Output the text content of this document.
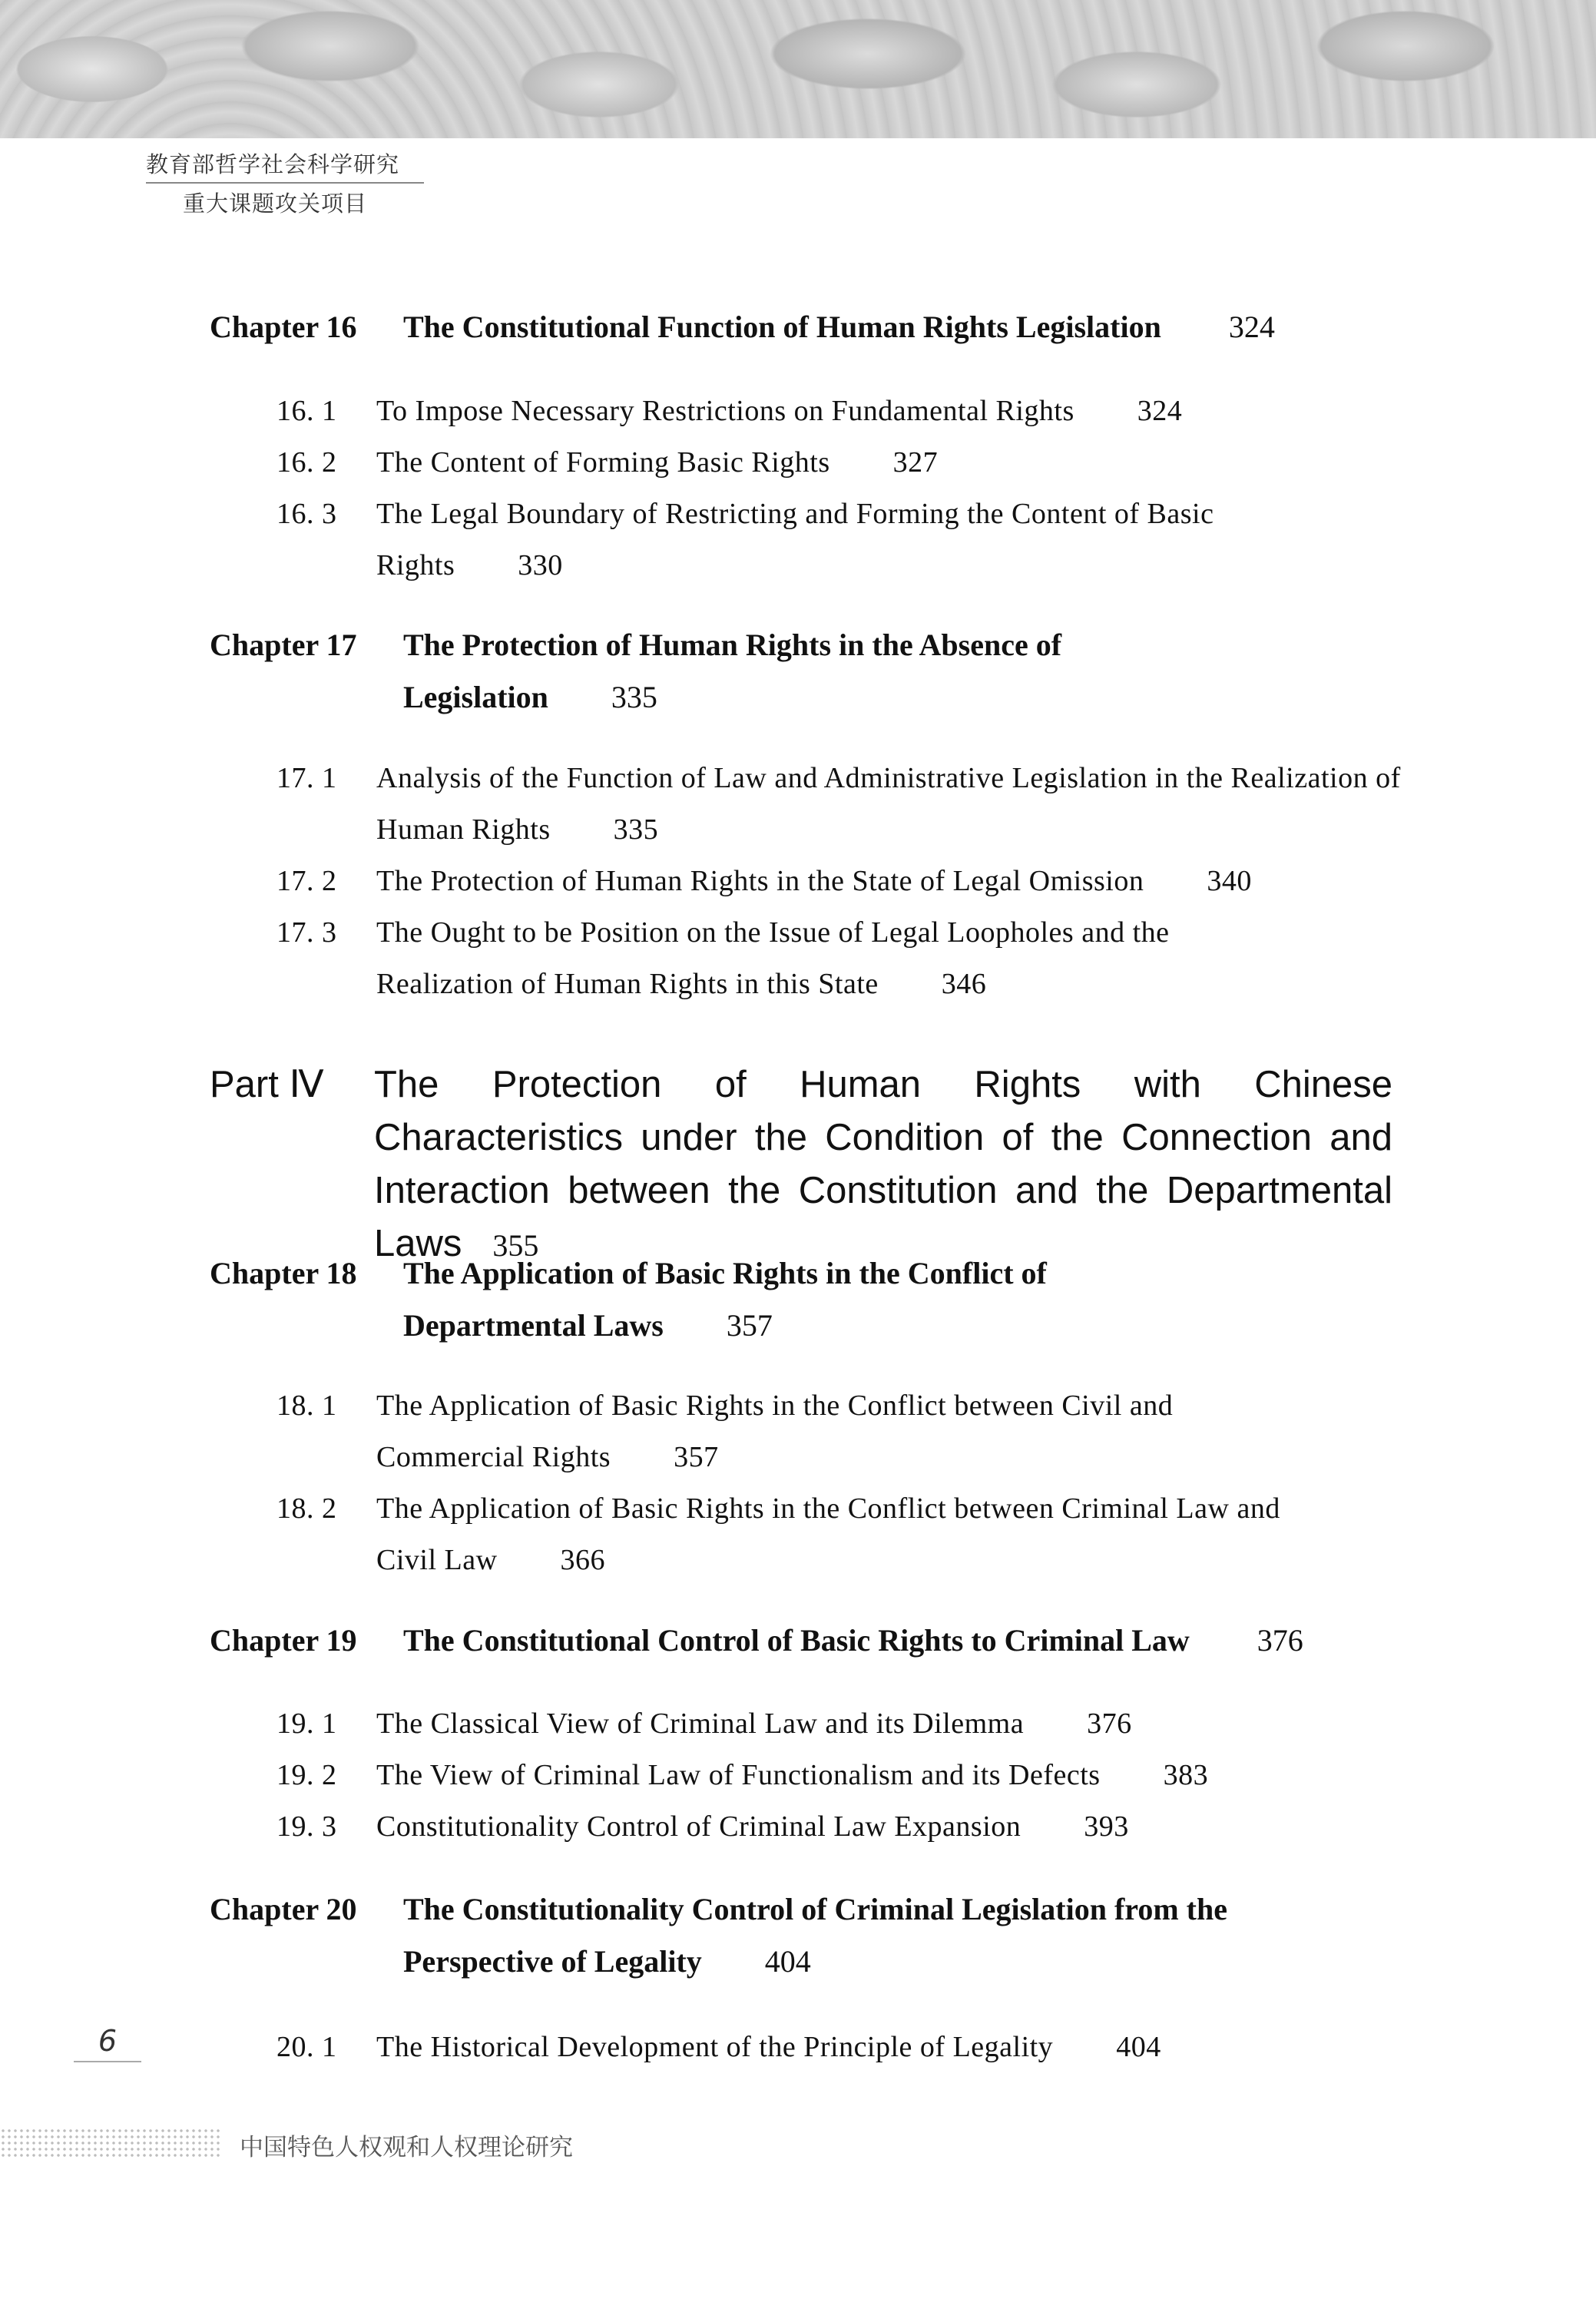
教育部哲学社会科学研究
重大课题攻关项目
Chapter 16 The Constitutional Function of Human Rights Legislation 324
16. 1 To Impose Necessary Restrictions on Fundamental Rights 324
16. 2 The Content of Forming Basic Rights 327
16. 3 The Legal Boundary of Restricting and Forming the Content of Basic Rights 330
Chapter 17 The Protection of Human Rights in the Absence of Legislation 335
17. 1 Analysis of the Function of Law and Administrative Legislation in the Realization of Human Rights 335
17. 2 The Protection of Human Rights in the State of Legal Omission 340
17. 3 The Ought to be Position on the Issue of Legal Loopholes and the Realization of Human Rights in this State 346
Part Ⅳ The Protection of Human Rights with Chinese Characteristics under the Condition of the Connection and Interaction between the Constitution and the Departmental Laws 355
Chapter 18 The Application of Basic Rights in the Conflict of Departmental Laws 357
18. 1 The Application of Basic Rights in the Conflict between Civil and Commercial Rights 357
18. 2 The Application of Basic Rights in the Conflict between Criminal Law and Civil Law 366
Chapter 19 The Constitutional Control of Basic Rights to Criminal Law 376
19. 1 The Classical View of Criminal Law and its Dilemma 376
19. 2 The View of Criminal Law of Functionalism and its Defects 383
19. 3 Constitutionality Control of Criminal Law Expansion 393
Chapter 20 The Constitutionality Control of Criminal Legislation from the Perspective of Legality 404
20. 1 The Historical Development of the Principle of Legality 404
6
中国特色人权观和人权理论研究
